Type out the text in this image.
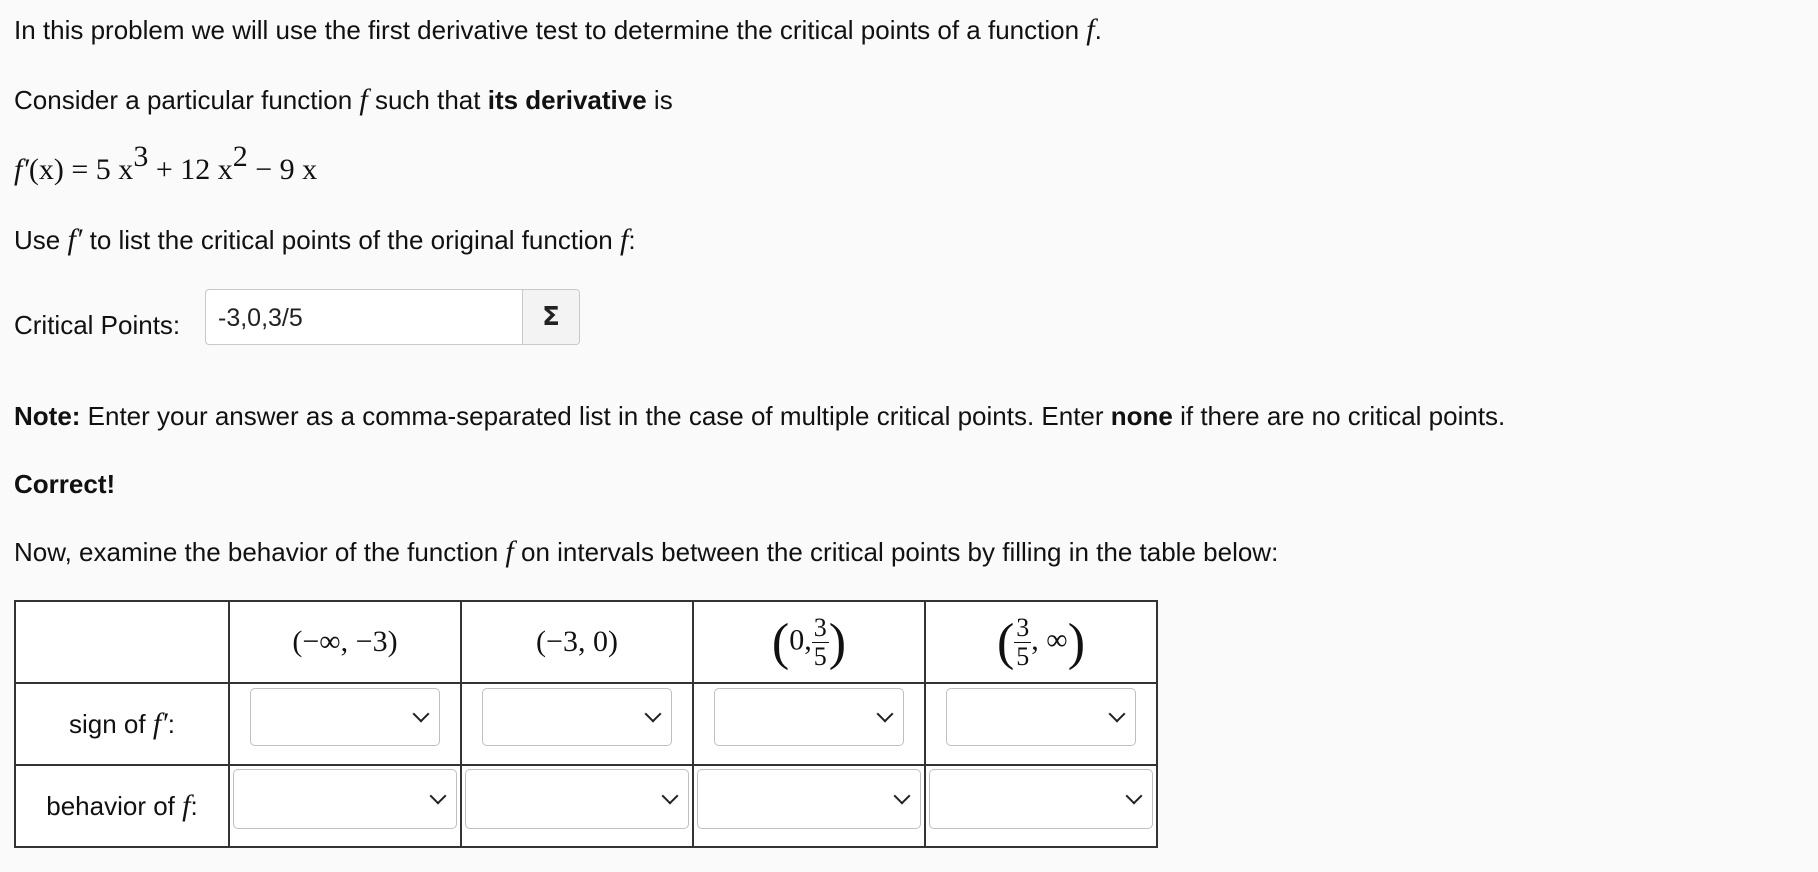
In this problem we will use the first derivative test to determine the critical points of a function f.
Consider a particular function f such that its derivative is
f′(x) = 5 $x^3 + 12$ $x^2 - 9$ x
Use f′ to list the critical points of the original function f:
Critical Points: -3,0,3/5	Σ
Note: Enter your answer as a comma-separated list in the case of multiple critical points. Enter none if there are no critical points.
Correct!
Now, examine the behavior of the function f on intervals between the critical points by filling in the table below:
	(−∞, −3)	(−3, 0)	(0, $\frac{3}{5}$ )	( $\frac{3}{5}$ , ∞)
sign of f′:	

behavior of f:	
